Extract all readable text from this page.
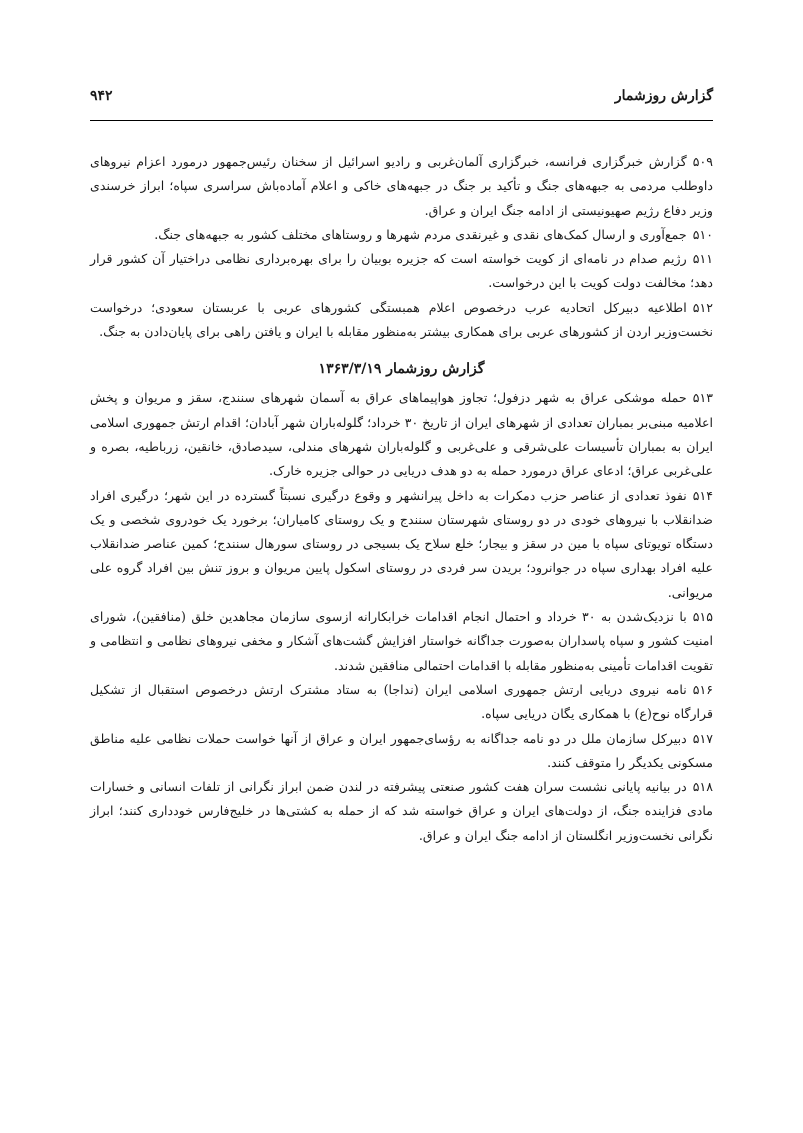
گزارش روزشمار
۹۴۲

۵۰۹گزارش خبرگزاری فرانسه، خبرگزاری آلمان‌غربی و رادیو اسرائیل از سخنان رئیس‌جمهور درمورد اعزام نیروهای داوطلب مردمی به جبهه‌های جنگ و تأکید بر جنگ در جبهه‌های خاکی و اعلام آماده‌باش سراسری سپاه؛ ابراز خرسندی وزیر دفاع رژیم صهیونیستی از ادامه جنگ ایران و عراق.

۵۱۰جمع‌آوری و ارسال کمک‌های نقدی و غیرنقدی مردم شهرها و روستاهای مختلف کشور به جبهه‌های جنگ.

۵۱۱رژیم صدام در نامه‌ای از کویت خواسته است که جزیره بوبیان را برای بهره‌برداری نظامی دراختیار آن کشور قرار دهد؛ مخالفت دولت کویت با این درخواست.

۵۱۲اطلاعیه دبیرکل اتحادیه عرب درخصوص اعلام همبستگی کشورهای عربی با عربستان سعودی؛ درخواست نخست‌وزیر اردن از کشورهای عربی برای همکاری بیشتر به‌منظور مقابله با ایران و یافتن راهی برای پایان‌دادن به جنگ.

گزارش روزشمار ۱۳۶۳/۳/۱۹

۵۱۳حمله موشکی عراق به شهر دزفول؛ تجاوز هواپیماهای عراق به آسمان شهرهای سنندج، سقز و مریوان و پخش اعلامیه مبنی‌بر بمباران تعدادی از شهرهای ایران از تاریخ ۳۰ خرداد؛ گلوله‌باران شهر آبادان؛ اقدام ارتش جمهوری اسلامی ایران به بمباران تأسیسات علی‌شرقی و علی‌غربی و گلوله‌باران شهرهای مندلی، سیدصادق، خانقین، زرباطیه، بصره و علی‌غربی عراق؛ ادعای عراق درمورد حمله به دو هدف دریایی در حوالی جزیره خارک.

۵۱۴نفوذ تعدادی از عناصر حزب دمکرات به داخل پیرانشهر و وقوع درگیری نسبتاً گسترده در این شهر؛ درگیری افراد ضدانقلاب با نیروهای خودی در دو روستای شهرستان سنندج و یک روستای کامیاران؛ برخورد یک خودروی شخصی و یک دستگاه تویوتای سپاه با مین در سقز و بیجار؛ خلع سلاح یک بسیجی در روستای سورهال سنندج؛ کمین عناصر ضدانقلاب علیه افراد بهداری سپاه در جوانرود؛ بریدن سر فردی در روستای اسکول پایین مریوان و بروز تنش بین افراد گروه علی مریوانی.

۵۱۵با نزدیک‌شدن به ۳۰ خرداد و احتمال انجام اقدامات خرابکارانه ازسوی سازمان مجاهدین خلق (منافقین)، شورای امنیت کشور و سپاه پاسداران به‌صورت جداگانه خواستار افزایش گشت‌های آشکار و مخفی نیروهای نظامی و انتظامی و تقویت اقدامات تأمینی به‌منظور مقابله با اقدامات احتمالی منافقین شدند.

۵۱۶نامه نیروی دریایی ارتش جمهوری اسلامی ایران (نداجا) به ستاد مشترک ارتش درخصوص استقبال از تشکیل قرارگاه نوح(ع) با همکاری یگان دریایی سپاه.

۵۱۷دبیرکل سازمان ملل در دو نامه جداگانه به رؤسای‌جمهور ایران و عراق از آنها خواست حملات نظامی علیه مناطق مسکونی یکدیگر را متوقف کنند.

۵۱۸در بیانیه پایانی نشست سران هفت کشور صنعتی پیشرفته در لندن ضمن ابراز نگرانی از تلفات انسانی و خسارات مادی فزاینده جنگ، از دولت‌های ایران و عراق خواسته شد که از حمله به کشتی‌ها در خلیج‌فارس خودداری کنند؛ ابراز نگرانی نخست‌وزیر انگلستان از ادامه جنگ ایران و عراق.
